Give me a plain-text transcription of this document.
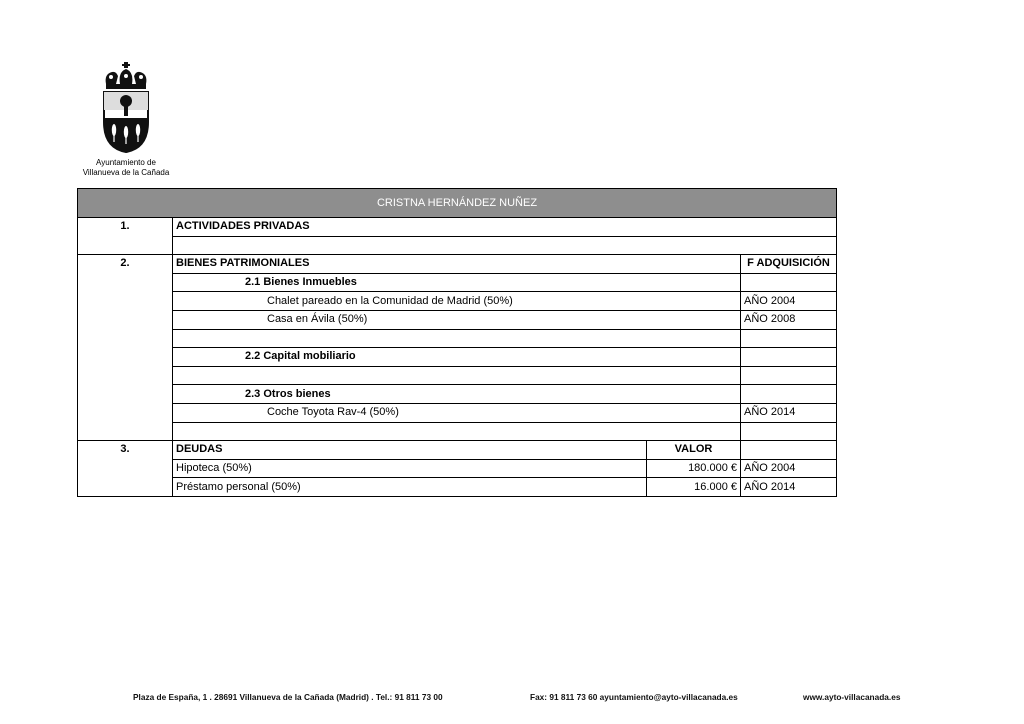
Ayuntamiento de
Villanueva de la Cañada
CRISTNA HERNÁNDEZ NUÑEZ			
1.	ACTIVIDADES PRIVADAS		

2.	BIENES PATRIMONIALES		F ADQUISICIÓN
	2.1 Bienes Inmuebles		
	Chalet pareado en la Comunidad de Madrid (50%)		AÑO 2004
	Casa en Ávila (50%)		AÑO 2008

	2.2 Capital mobiliario		

	2.3 Otros bienes		
	Coche Toyota Rav-4 (50%)		AÑO 2014

3.	DEUDAS	VALOR	
	Hipoteca (50%)	180.000 €	AÑO 2004
	Préstamo personal (50%)	16.000 €	AÑO 2014
Plaza de España, 1 . 28691 Villanueva de la Cañada (Madrid) . Tel.: 91 811 73 00	Fax: 91 811 73 60 ayuntamiento@ayto-villacanada.es	www.ayto-villacanada.es
